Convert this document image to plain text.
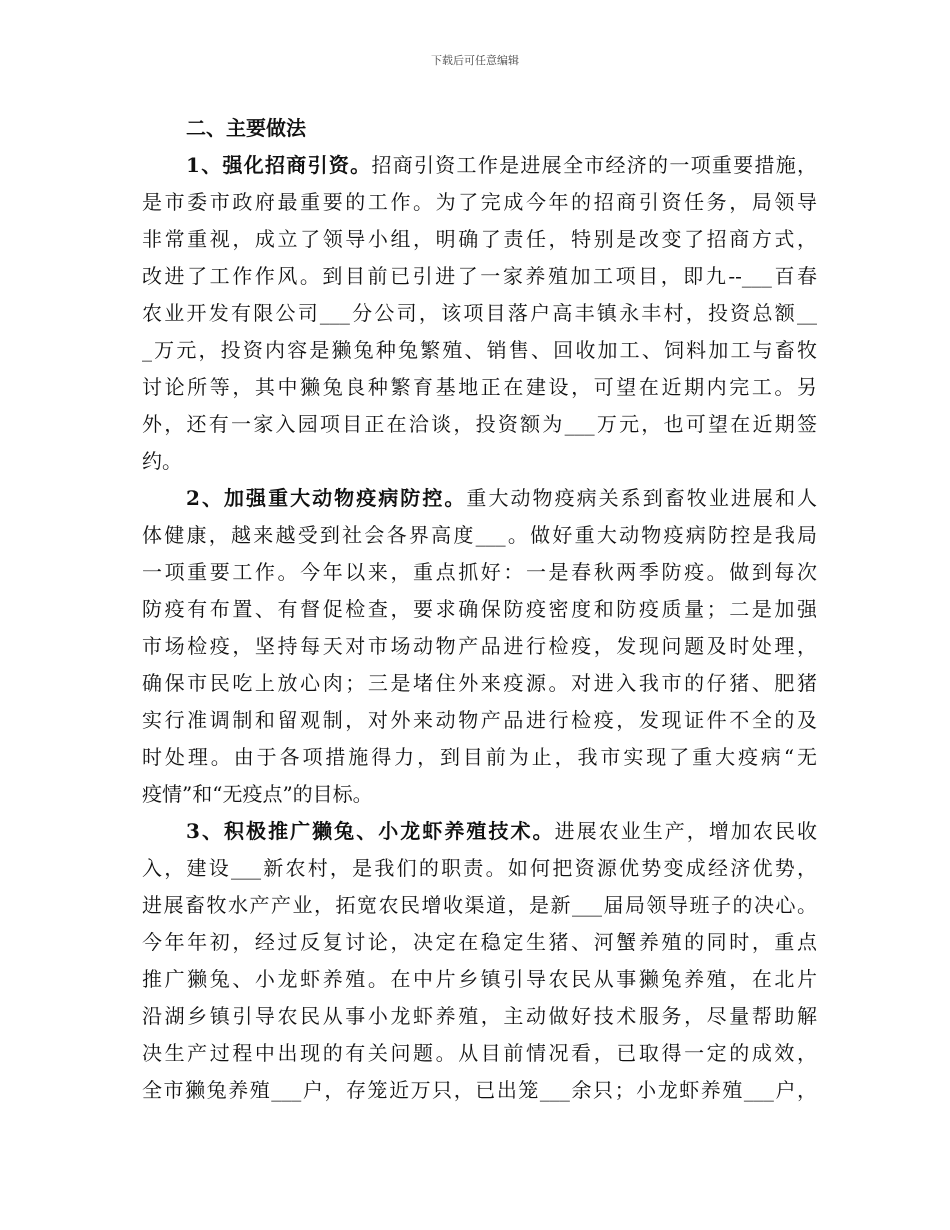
下载后可任意编辑
二、主要做法
1、强化招商引资。招商引资工作是进展全市经济的一项重要措施，
是市委市政府最重要的工作。为了完成今年的招商引资任务，局领导
非常重视，成立了领导小组，明确了责任，特别是改变了招商方式，
改进了工作作风。到目前已引进了一家养殖加工项目，即九--___百春
农业开发有限公司___分公司，该项目落户高丰镇永丰村，投资总额__
_万元，投资内容是獭兔种兔繁殖、销售、回收加工、饲料加工与畜牧
讨论所等，其中獭兔良种繁育基地正在建设，可望在近期内完工。另
外，还有一家入园项目正在洽谈，投资额为___万元，也可望在近期签
约。
2、加强重大动物疫病防控。重大动物疫病关系到畜牧业进展和人
体健康，越来越受到社会各界高度___。做好重大动物疫病防控是我局
一项重要工作。今年以来，重点抓好：一是春秋两季防疫。做到每次
防疫有布置、有督促检查，要求确保防疫密度和防疫质量；二是加强
市场检疫，坚持每天对市场动物产品进行检疫，发现问题及时处理，
确保市民吃上放心肉；三是堵住外来疫源。对进入我市的仔猪、肥猪
实行准调制和留观制，对外来动物产品进行检疫，发现证件不全的及
时处理。由于各项措施得力，到目前为止，我市实现了重大疫病“无
疫情”和“无疫点”的目标。
3、积极推广獭兔、小龙虾养殖技术。进展农业生产，增加农民收
入，建设___新农村，是我们的职责。如何把资源优势变成经济优势，
进展畜牧水产产业，拓宽农民增收渠道，是新___届局领导班子的决心。
今年年初，经过反复讨论，决定在稳定生猪、河蟹养殖的同时，重点
推广獭兔、小龙虾养殖。在中片乡镇引导农民从事獭兔养殖，在北片
沿湖乡镇引导农民从事小龙虾养殖，主动做好技术服务，尽量帮助解
决生产过程中出现的有关问题。从目前情况看，已取得一定的成效，
全市獭兔养殖___户，存笼近万只，已出笼___余只；小龙虾养殖___户，
